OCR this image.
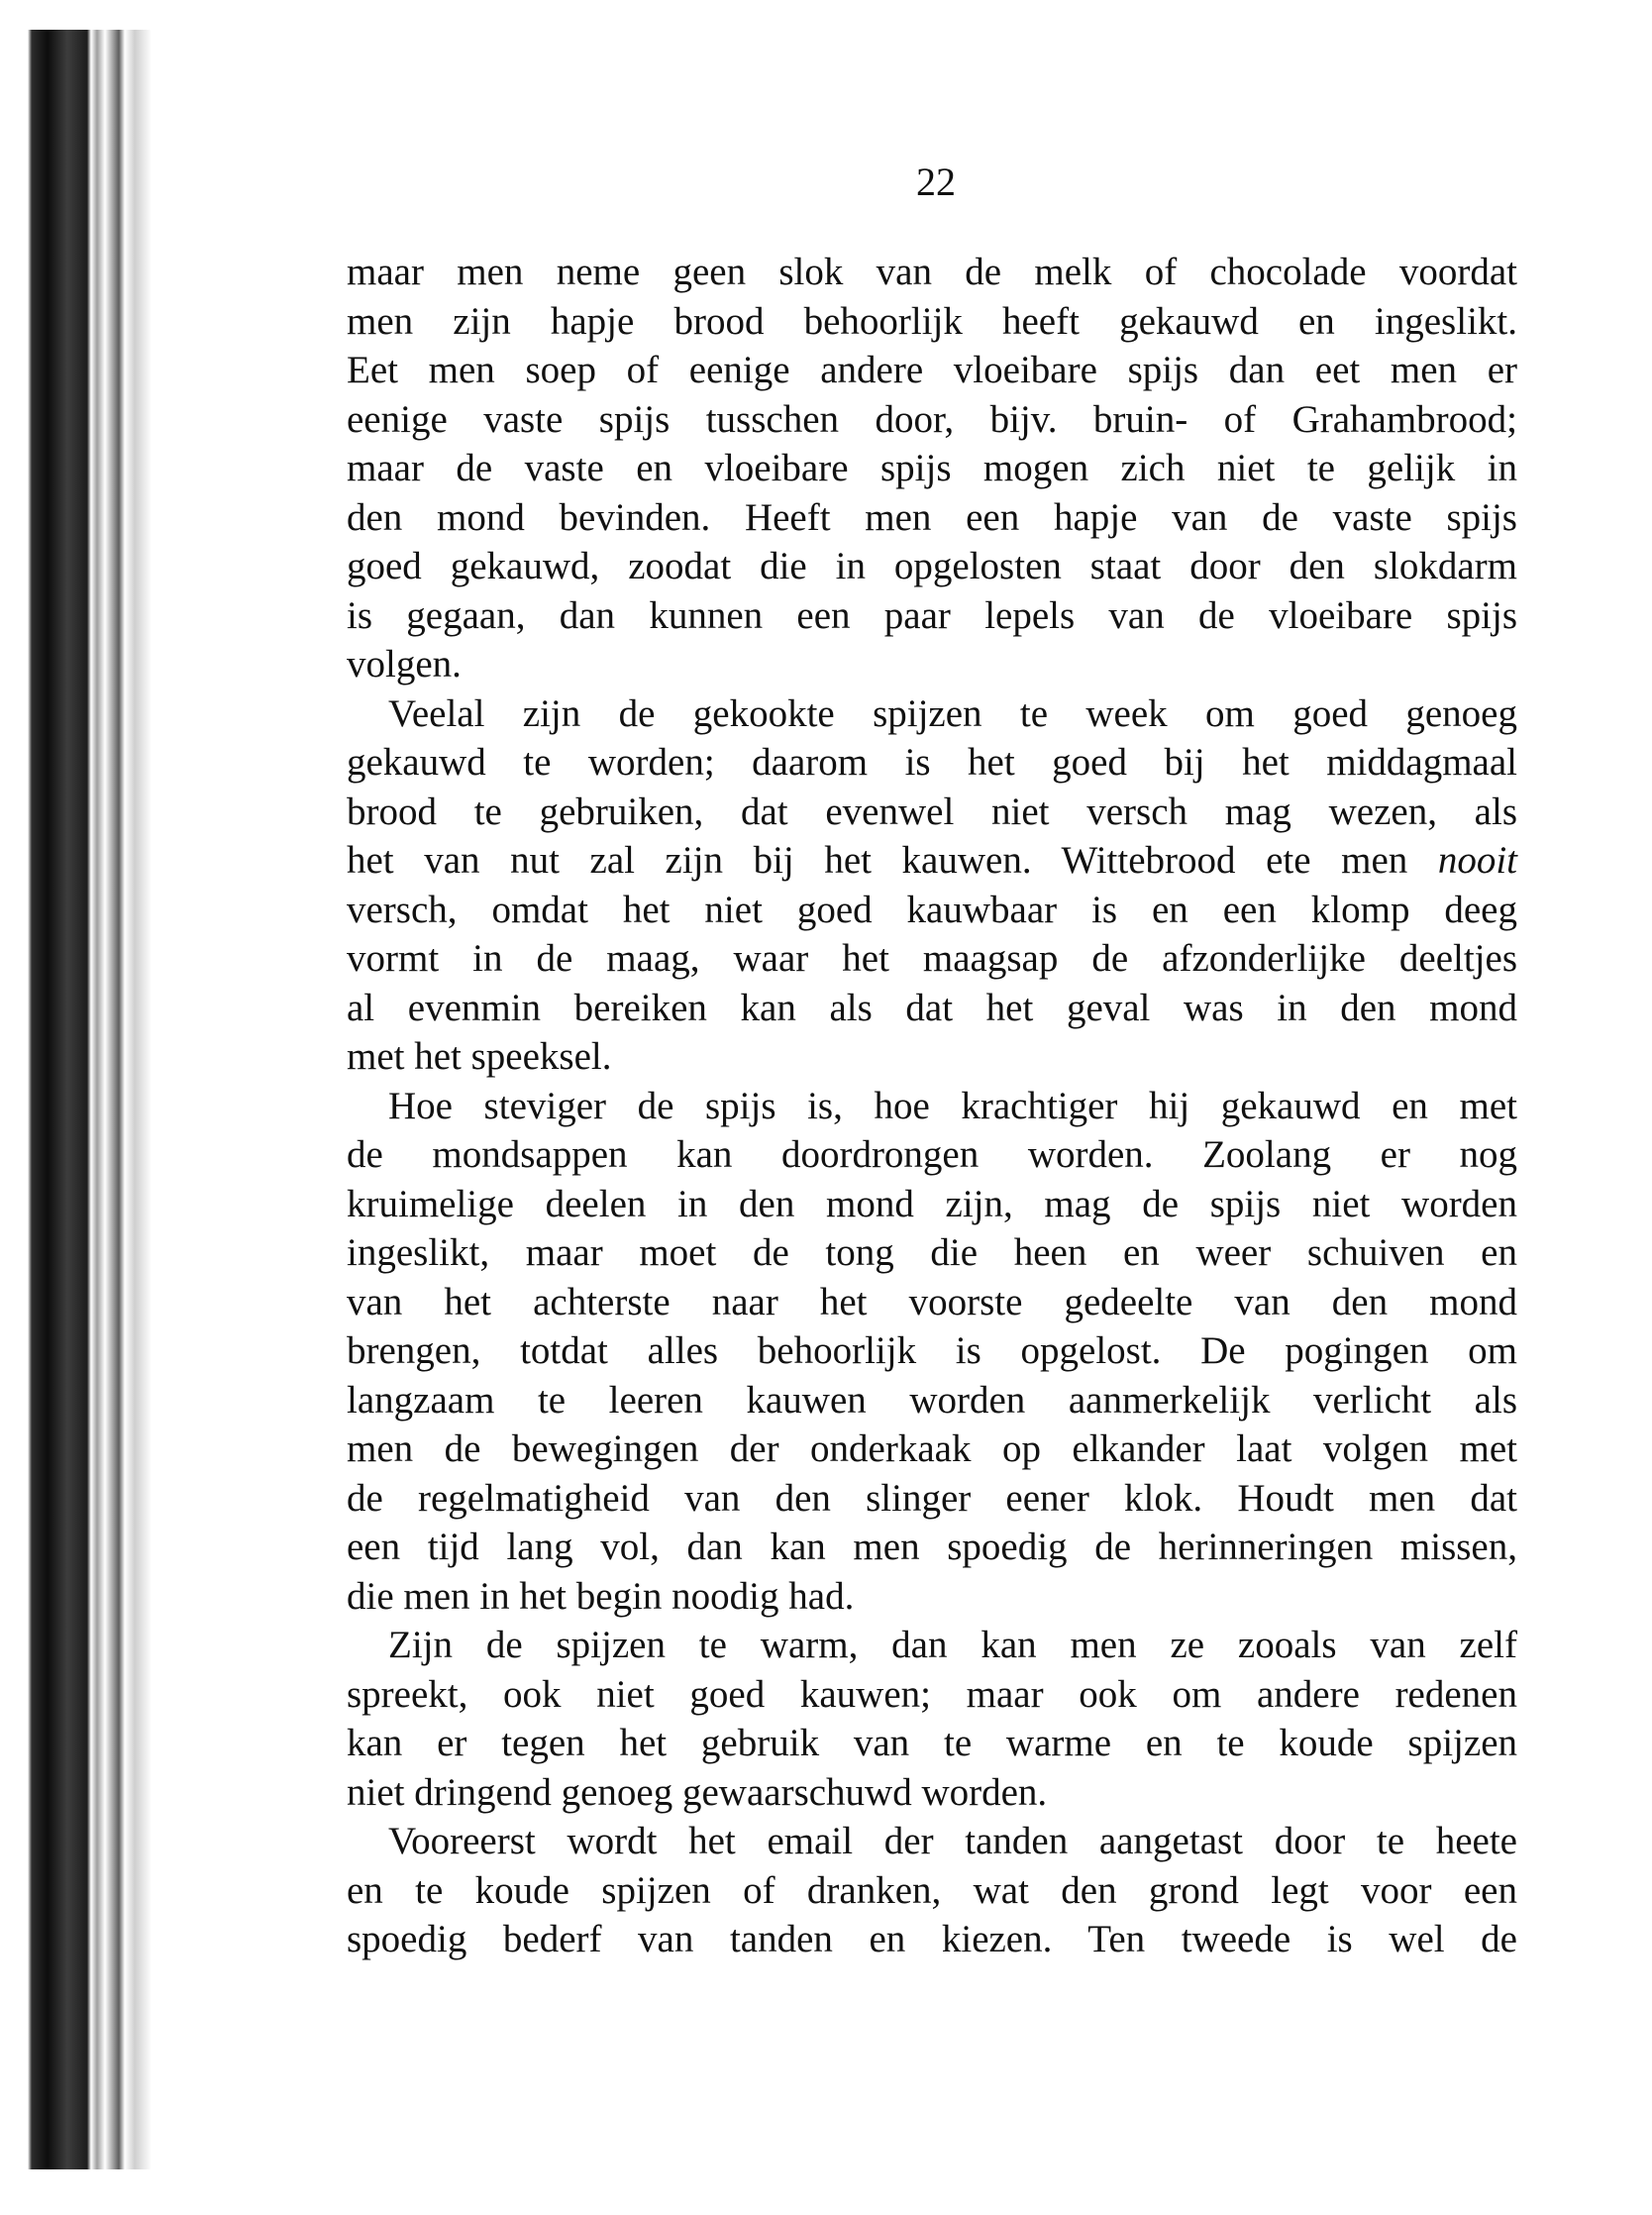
22
maar men neme geen slok van de melk of chocolade voordat
men zijn hapje brood behoorlijk heeft gekauwd en ingeslikt.
Eet men soep of eenige andere vloeibare spijs dan eet men er
eenige vaste spijs tusschen door, bijv. bruin- of Grahambrood;
maar de vaste en vloeibare spijs mogen zich niet te gelijk in
den mond bevinden. Heeft men een hapje van de vaste spijs
goed gekauwd, zoodat die in opgelosten staat door den slokdarm
is gegaan, dan kunnen een paar lepels van de vloeibare spijs
volgen.
Veelal zijn de gekookte spijzen te week om goed genoeg
gekauwd te worden; daarom is het goed bij het middagmaal
brood te gebruiken, dat evenwel niet versch mag wezen, als
het van nut zal zijn bij het kauwen. Wittebrood ete men nooit
versch, omdat het niet goed kauwbaar is en een klomp deeg
vormt in de maag, waar het maagsap de afzonderlijke deeltjes
al evenmin bereiken kan als dat het geval was in den mond
met het speeksel.
Hoe steviger de spijs is, hoe krachtiger hij gekauwd en met
de mondsappen kan doordrongen worden. Zoolang er nog
kruimelige deelen in den mond zijn, mag de spijs niet worden
ingeslikt, maar moet de tong die heen en weer schuiven en
van het achterste naar het voorste gedeelte van den mond
brengen, totdat alles behoorlijk is opgelost. De pogingen om
langzaam te leeren kauwen worden aanmerkelijk verlicht als
men de bewegingen der onderkaak op elkander laat volgen met
de regelmatigheid van den slinger eener klok. Houdt men dat
een tijd lang vol, dan kan men spoedig de herinneringen missen,
die men in het begin noodig had.
Zijn de spijzen te warm, dan kan men ze zooals van zelf
spreekt, ook niet goed kauwen; maar ook om andere redenen
kan er tegen het gebruik van te warme en te koude spijzen
niet dringend genoeg gewaarschuwd worden.
Vooreerst wordt het email der tanden aangetast door te heete
en te koude spijzen of dranken, wat den grond legt voor een
spoedig bederf van tanden en kiezen. Ten tweede is wel de
